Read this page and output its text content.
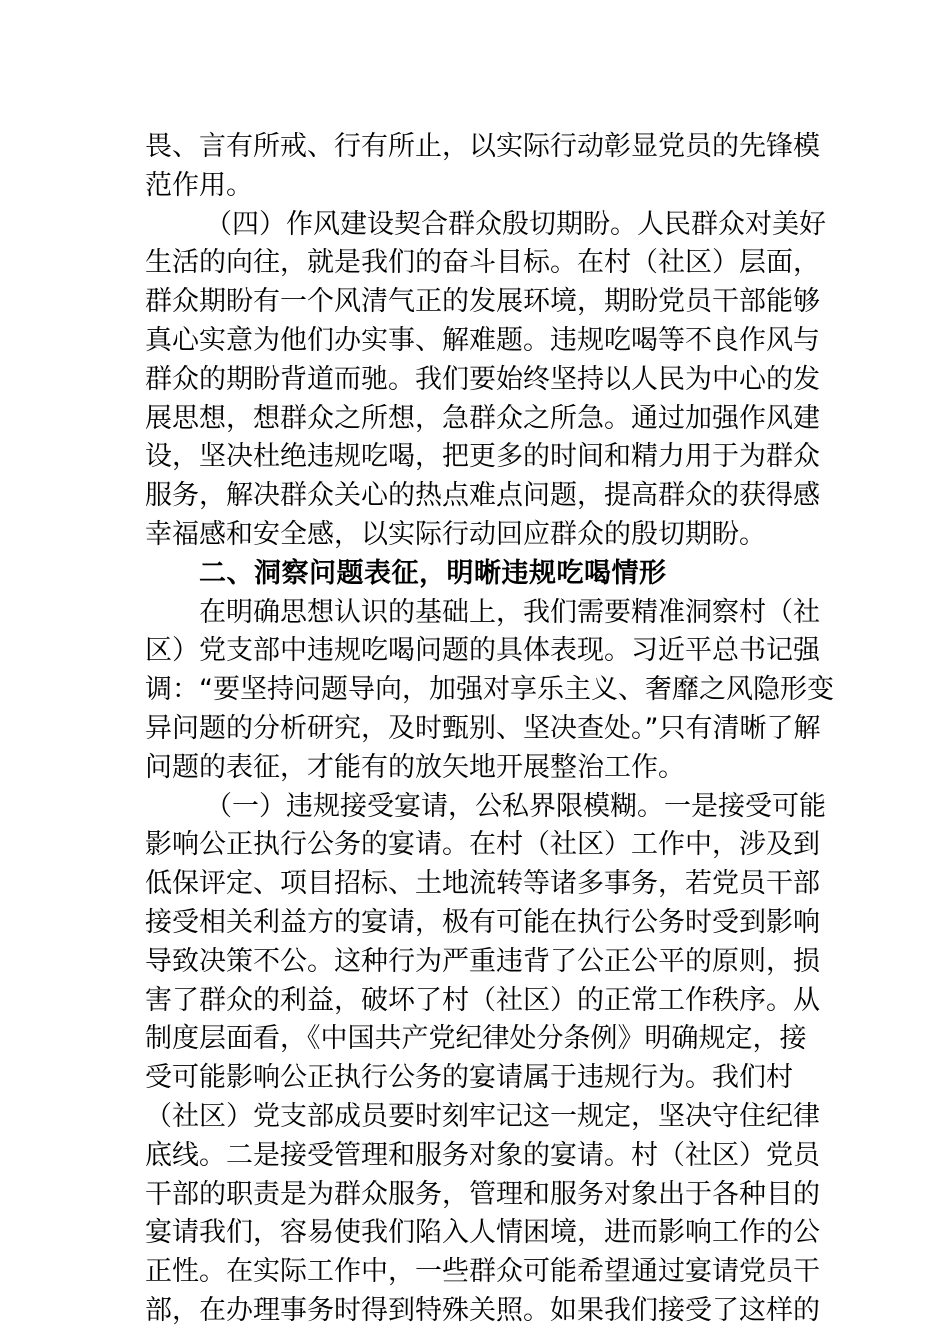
畏、言有所戒、行有所止，以实际行动彰显党员的先锋模
范作用。
（四）作风建设契合群众殷切期盼。人民群众对美好
生活的向往，就是我们的奋斗目标。在村（社区）层面，
群众期盼有一个风清气正的发展环境，期盼党员干部能够
真心实意为他们办实事、解难题。违规吃喝等不良作风与
群众的期盼背道而驰。我们要始终坚持以人民为中心的发
展思想，想群众之所想，急群众之所急。通过加强作风建
设，坚决杜绝违规吃喝，把更多的时间和精力用于为群众
服务，解决群众关心的热点难点问题，提高群众的获得感
幸福感和安全感，以实际行动回应群众的殷切期盼。
二、洞察问题表征，明晰违规吃喝情形
在明确思想认识的基础上，我们需要精准洞察村（社
区）党支部中违规吃喝问题的具体表现。习近平总书记强
调：“要坚持问题导向，加强对享乐主义、奢靡之风隐形变
异问题的分析研究，及时甄别、坚决查处。”只有清晰了解
问题的表征，才能有的放矢地开展整治工作。
（一）违规接受宴请，公私界限模糊。一是接受可能
影响公正执行公务的宴请。在村（社区）工作中，涉及到
低保评定、项目招标、土地流转等诸多事务，若党员干部
接受相关利益方的宴请，极有可能在执行公务时受到影响
导致决策不公。这种行为严重违背了公正公平的原则，损
害了群众的利益，破坏了村（社区）的正常工作秩序。从
制度层面看，《中国共产党纪律处分条例》明确规定，接
受可能影响公正执行公务的宴请属于违规行为。我们村
（社区）党支部成员要时刻牢记这一规定，坚决守住纪律
底线。二是接受管理和服务对象的宴请。村（社区）党员
干部的职责是为群众服务，管理和服务对象出于各种目的
宴请我们，容易使我们陷入人情困境，进而影响工作的公
正性。在实际工作中，一些群众可能希望通过宴请党员干
部，在办理事务时得到特殊关照。如果我们接受了这样的
